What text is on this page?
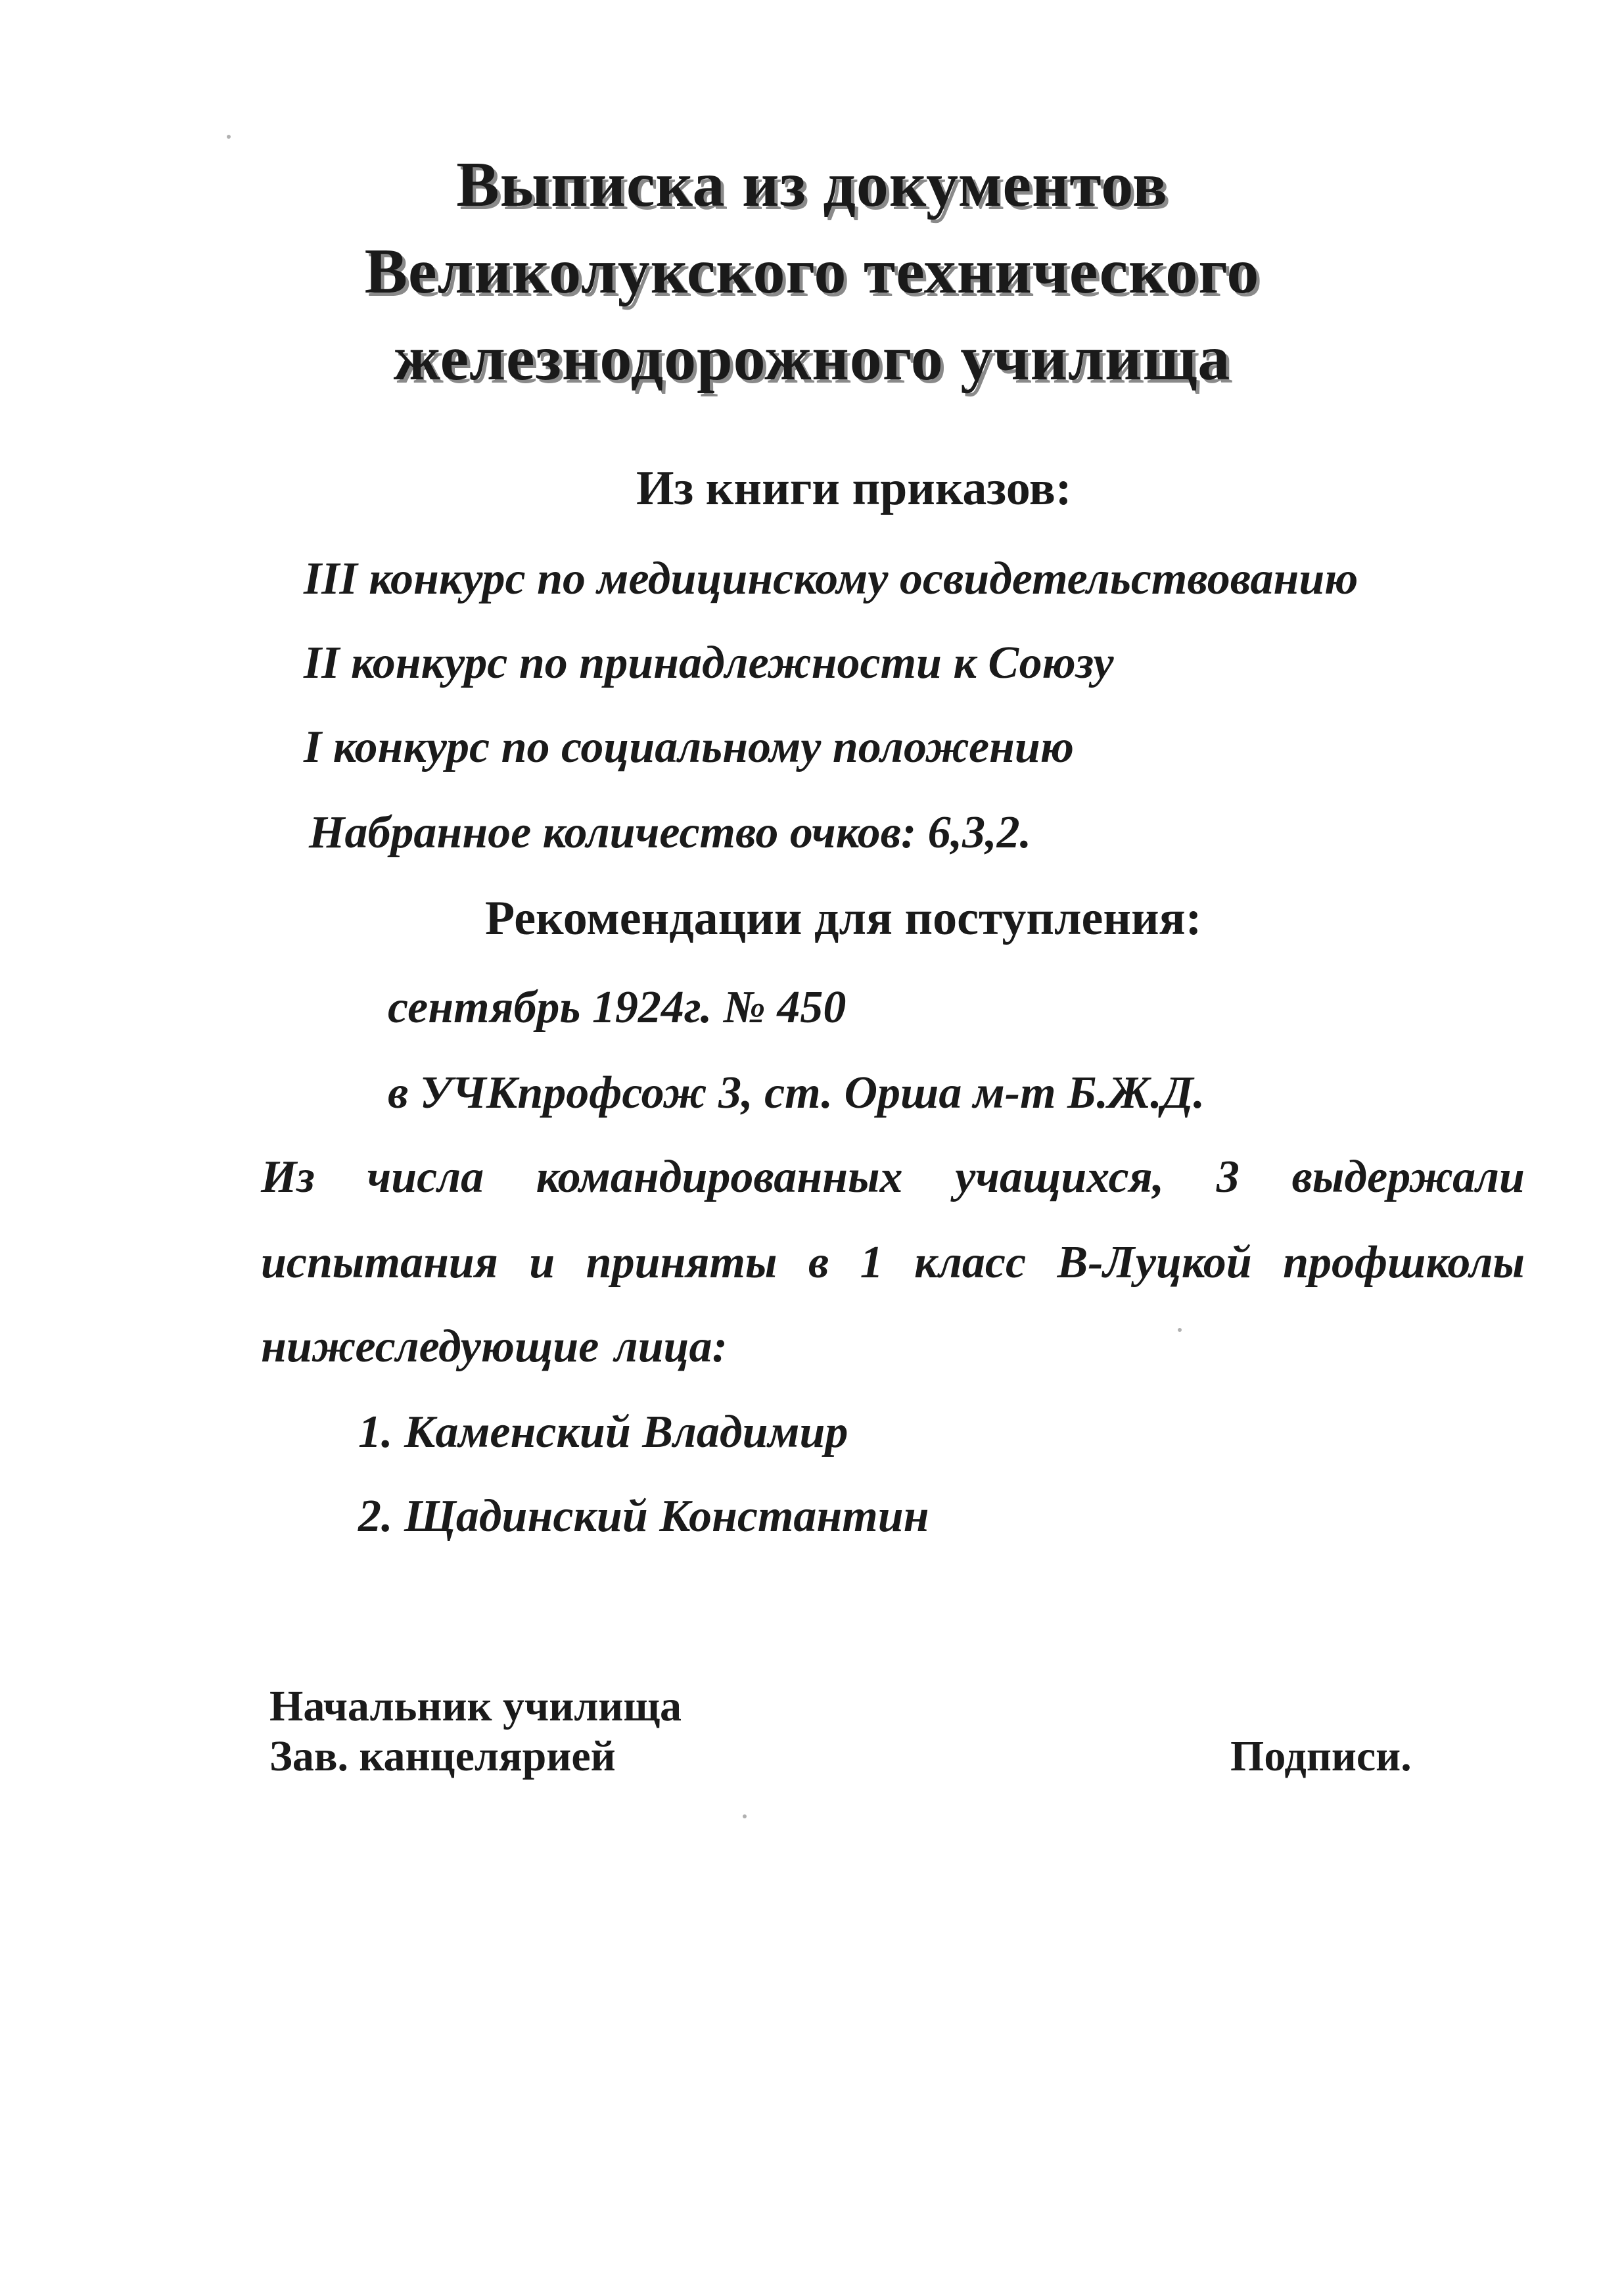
Выписка из документов
Великолукского технического
железнодорожного училища
Из книги приказов:
III конкурс по медицинскому освидетельствованию
II конкурс по принадлежности к Союзу
I конкурс по социальному положению
Набранное количество очков: 6,3,2.
Рекомендации для поступления:
сентябрь 1924г. № 450
в УЧКпрофсож 3, ст. Орша м-т Б.Ж.Д.
Из числа командированных учащихся, 3 выдержали
испытания и приняты в 1 класс В-Луцкой профшколы
нижеследующие лица:
1. Каменский Владимир
2. Щадинский Константин
Начальник училища
Зав. канцелярией	Подписи.
